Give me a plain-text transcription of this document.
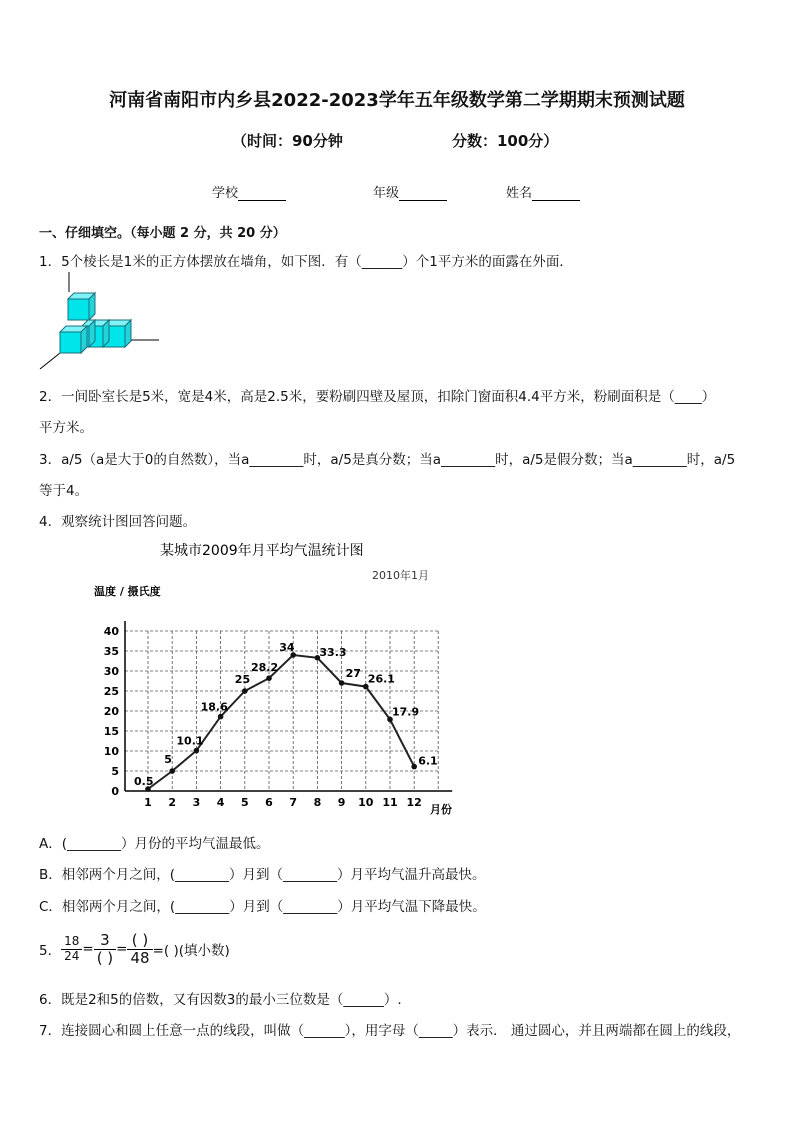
河南省南阳市内乡县2022-2023学年五年级数学第二学期期末预测试题
（时间：90分钟	分数：100分）
学校	年级	姓名
一、仔细填空。（每小题 2 分，共 20 分）
1．5个棱长是1米的正方体摆放在墙角，如下图．有（______）个1平方米的面露在外面．
2．一间卧室长是5米，宽是4米，高是2.5米，要粉刷四壁及屋顶，扣除门窗面积4.4平方米，粉刷面积是（____）
平方米。
3．a/5（a是大于0的自然数），当a________时，a/5是真分数；当a________时，a/5是假分数；当a________时，a/5
等于4。
4．观察统计图回答问题。
某城市2009年月平均气温统计图
2010年1月
温度 / 摄氏度
月份
0
5
10
15
20
25
30
35
40
1 2 3 4 5 6 7 8 9 10 11 12
0.5
5
10.1
18.6
25
28.2
34 33.3
27 26.1
17.9
6.1
A．(________）月份的平均气温最低。
B．相邻两个月之间，(________）月到（________）月平均气温升高最快。
C．相邻两个月之间，(________）月到（________）月平均气温下降最快。
5． $\frac{18}{24} = \frac{3}{( )} = \frac{( )}{48}$ =( )(填小数)
6．既是2和5的倍数，又有因数3的最小三位数是（______）.
7．连接圆心和圆上任意一点的线段，叫做（______），用字母（_____）表示． 通过圆心，并且两端都在圆上的线段，
